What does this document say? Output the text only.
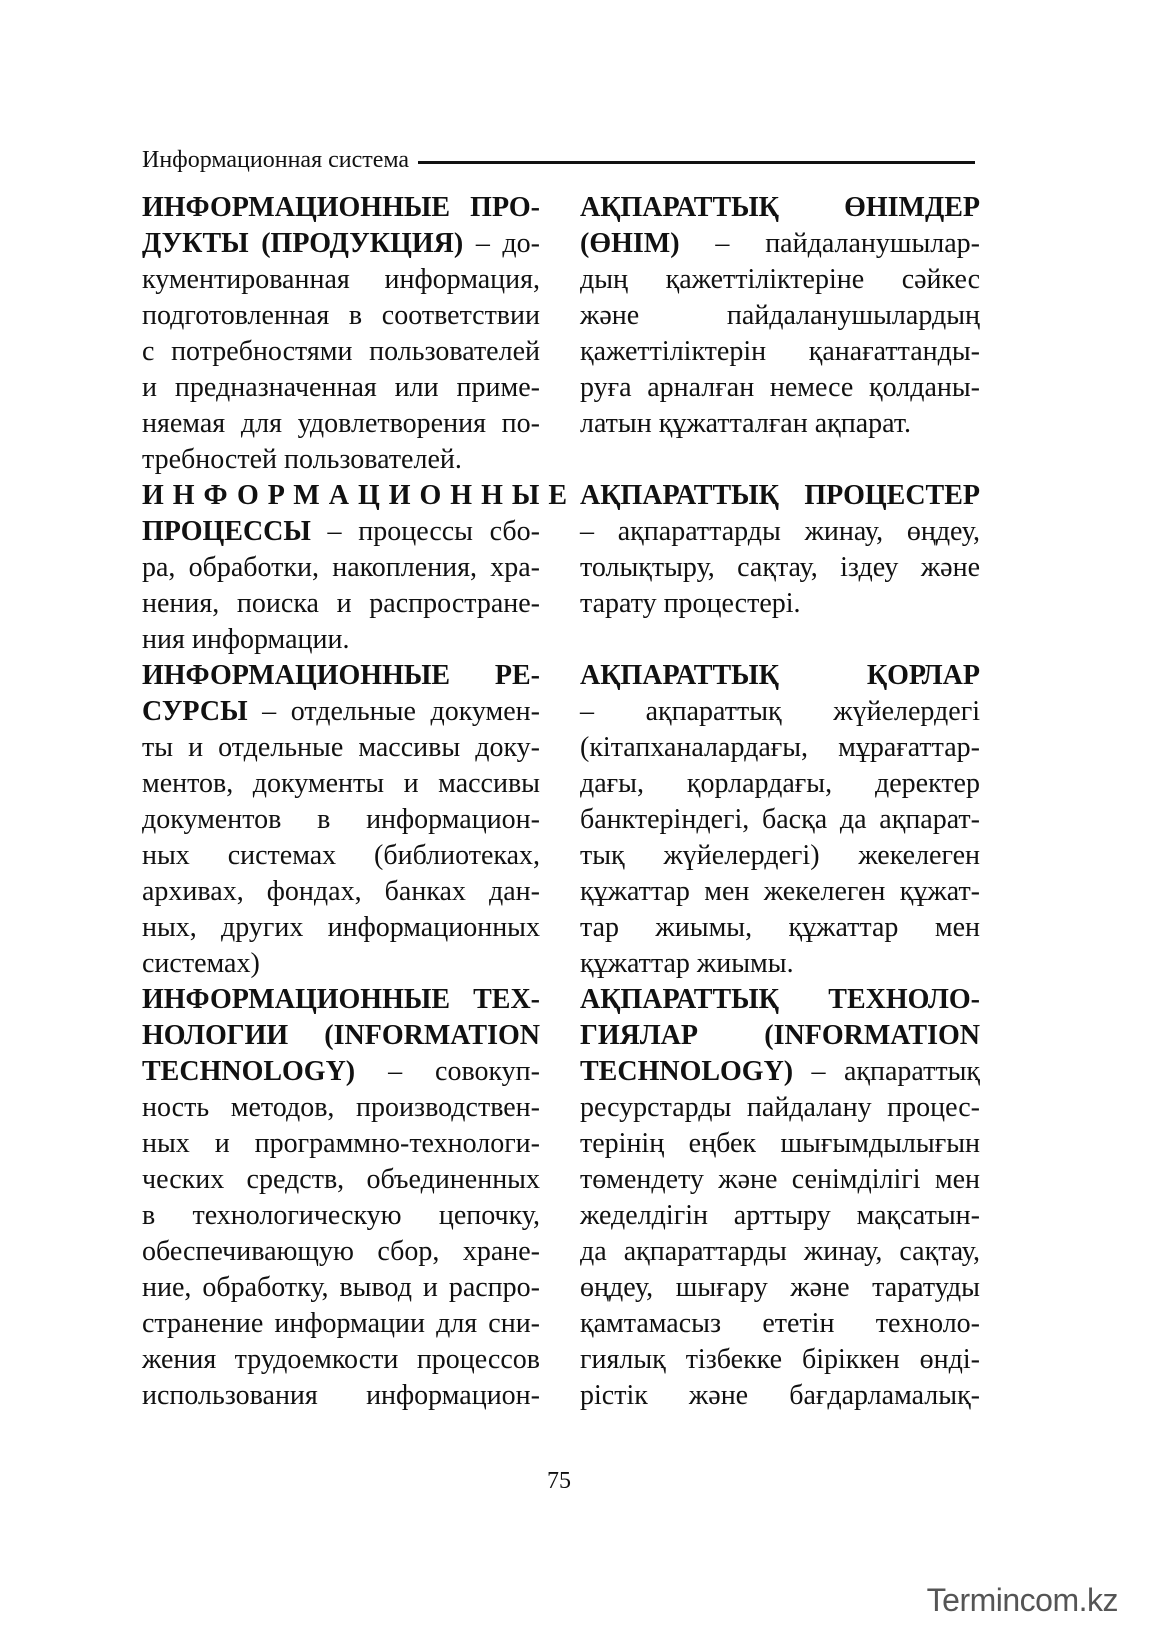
Информационная система
ИНФОРМАЦИОННЫЕ ПРО-
ДУКТЫ (ПРОДУКЦИЯ) – до-
кументированная информация,
подготовленная в соответствии
с потребностями пользователей
и предназначенная или приме-
няемая для удовлетворения по-
требностей пользователей.
ИНФОРМАЦИОННЫЕ
ПРОЦЕССЫ – процессы сбо-
ра, обработки, накопления, хра-
нения, поиска и распростране-
ния информации.
ИНФОРМАЦИОННЫЕ РЕ-
СУРСЫ – отдельные докумен-
ты и отдельные массивы доку-
ментов, документы и массивы
документов в информацион-
ных системах (библиотеках,
архивах, фондах, банках дан-
ных, других информационных
системах)
ИНФОРМАЦИОННЫЕ ТЕХ-
НОЛОГИИ (INFORMATION
TECHNOLOGY) – совокуп-
ность методов, производствен-
ных и программно-технологи-
ческих средств, объединенных
в технологическую цепочку,
обеспечивающую сбор, хране-
ние, обработку, вывод и распро-
странение информации для сни-
жения трудоемкости процессов
использования информацион-
АҚПАРАТТЫҚ ӨНІМДЕР
(ӨНІМ) – пайдаланушылар-
дың қажеттіліктеріне сәйкес
және пайдаланушылардың
қажеттіліктерін қанағаттанды-
руға арналған немесе қолданы-
латын құжатталған ақпарат.
АҚПАРАТТЫҚ ПРОЦЕСТЕР
– ақпараттарды жинау, өңдеу,
толықтыру, сақтау, іздеу және
тарату процестері.
АҚПАРАТТЫҚ ҚОРЛАР
– ақпараттық жүйелердегі
(кітапханалардағы, мұрағаттар-
дағы, қорлардағы, деректер
банктеріндегі, басқа да ақпарат-
тық жүйелердегі) жекелеген
құжаттар мен жекелеген құжат-
тар жиымы, құжаттар мен
құжаттар жиымы.
АҚПАРАТТЫҚ ТЕХНОЛО-
ГИЯЛАР (INFORMATION
TECHNOLOGY) – ақпараттық
ресурстарды пайдалану процес-
терінің еңбек шығымдылығын
төмендету және сенімділігі мен
жеделдігін арттыру мақсатын-
да ақпараттарды жинау, сақтау,
өңдеу, шығару және таратуды
қамтамасыз ететін техноло-
гиялық тізбекке біріккен өнді-
рістік және бағдарламалық-
75
Termincom.kz
